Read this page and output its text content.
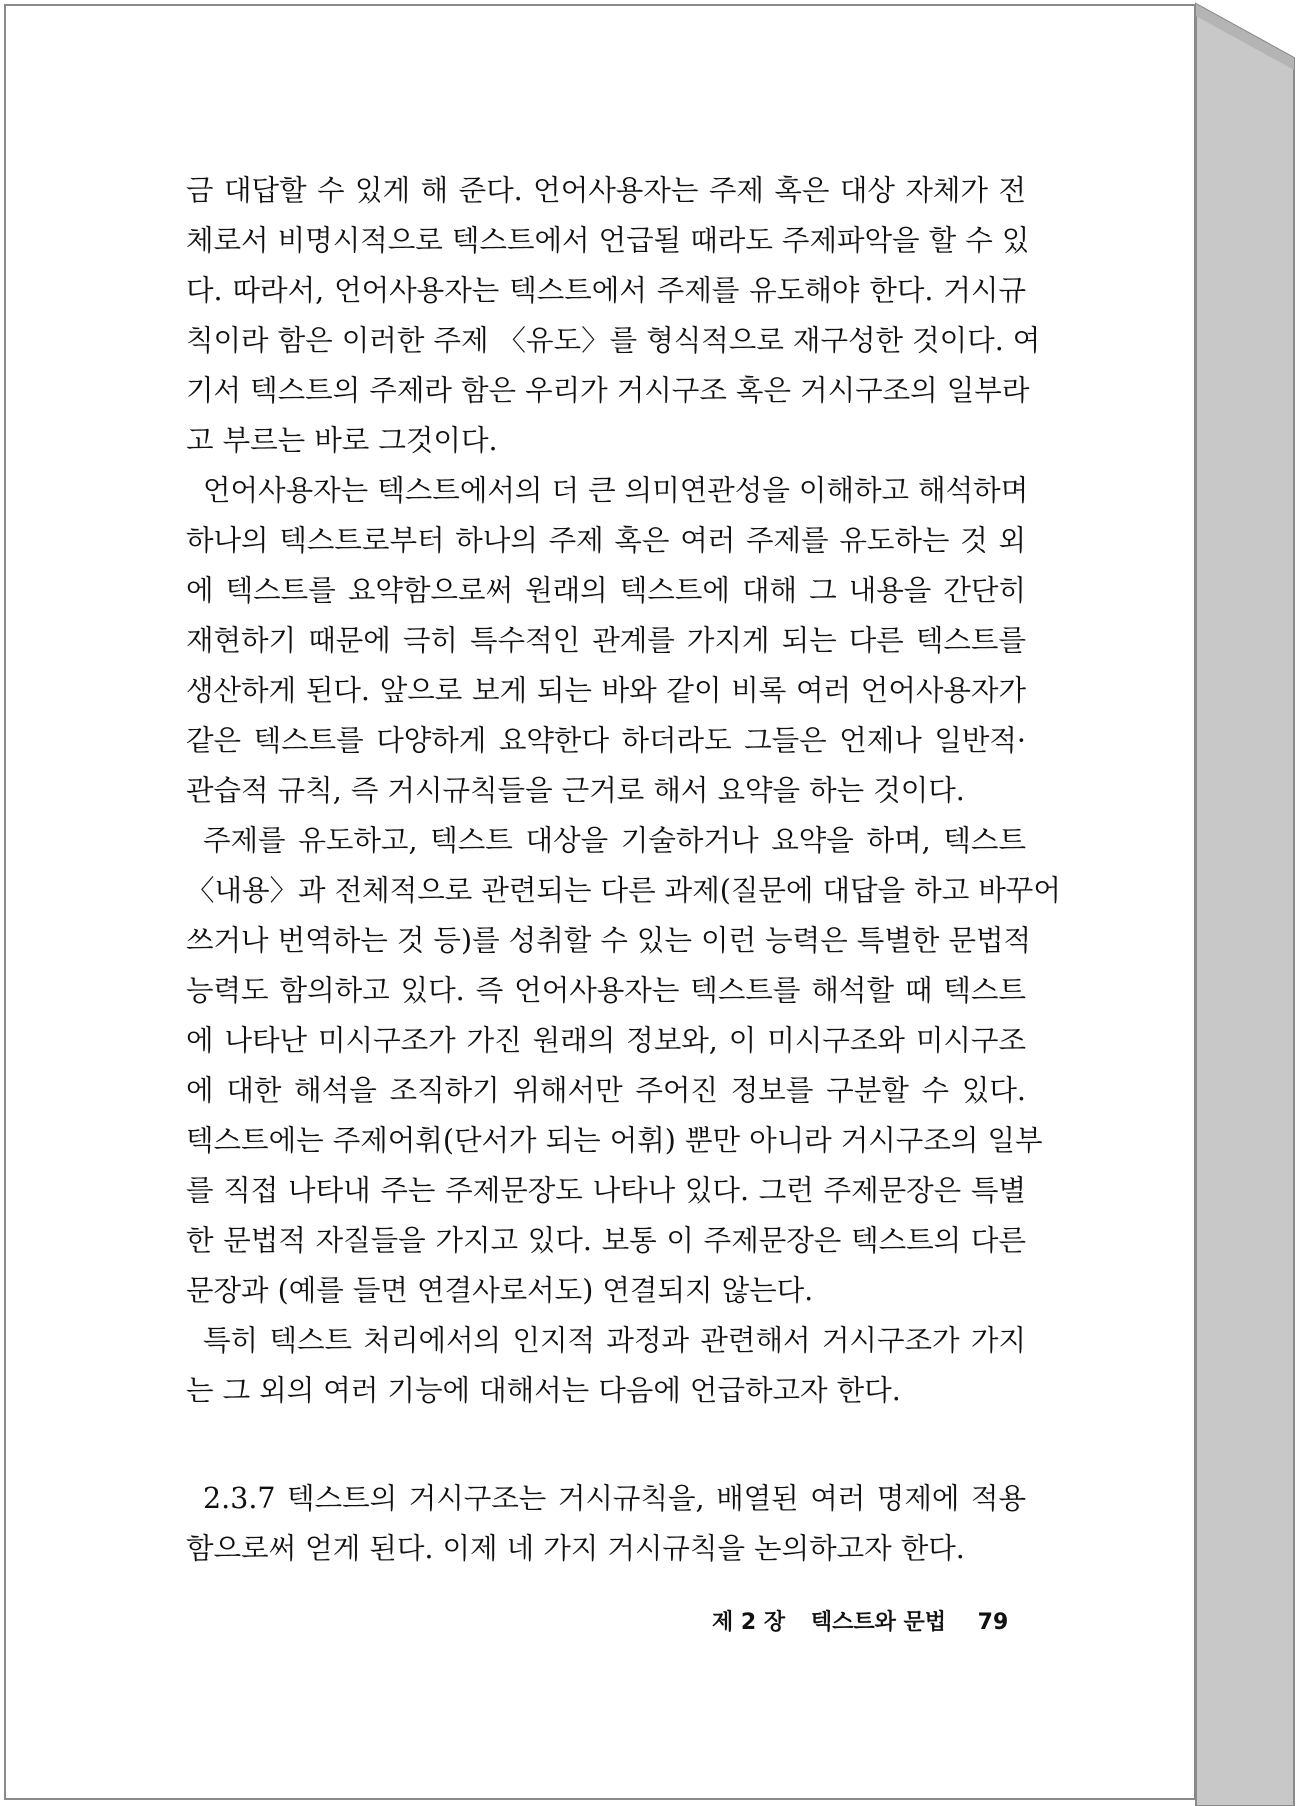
금 대답할 수 있게 해 준다. 언어사용자는 주제 혹은 대상 자체가 전
체로서 비명시적으로 텍스트에서 언급될 때라도 주제파악을 할 수 있
다. 따라서, 언어사용자는 텍스트에서 주제를 유도해야 한다. 거시규
칙이라 함은 이러한 주제 〈유도〉를 형식적으로 재구성한 것이다. 여
기서 텍스트의 주제라 함은 우리가 거시구조 혹은 거시구조의 일부라
고 부르는 바로 그것이다.
언어사용자는 텍스트에서의 더 큰 의미연관성을 이해하고 해석하며
하나의 텍스트로부터 하나의 주제 혹은 여러 주제를 유도하는 것 외
에 텍스트를 요약함으로써 원래의 텍스트에 대해 그 내용을 간단히
재현하기 때문에 극히 특수적인 관계를 가지게 되는 다른 텍스트를
생산하게 된다. 앞으로 보게 되는 바와 같이 비록 여러 언어사용자가
같은 텍스트를 다양하게 요약한다 하더라도 그들은 언제나 일반적·
관습적 규칙, 즉 거시규칙들을 근거로 해서 요약을 하는 것이다.
주제를 유도하고, 텍스트 대상을 기술하거나 요약을 하며, 텍스트
〈내용〉과 전체적으로 관련되는 다른 과제(질문에 대답을 하고 바꾸어
쓰거나 번역하는 것 등)를 성취할 수 있는 이런 능력은 특별한 문법적
능력도 함의하고 있다. 즉 언어사용자는 텍스트를 해석할 때 텍스트
에 나타난 미시구조가 가진 원래의 정보와, 이 미시구조와 미시구조
에 대한 해석을 조직하기 위해서만 주어진 정보를 구분할 수 있다.
텍스트에는 주제어휘(단서가 되는 어휘) 뿐만 아니라 거시구조의 일부
를 직접 나타내 주는 주제문장도 나타나 있다. 그런 주제문장은 특별
한 문법적 자질들을 가지고 있다. 보통 이 주제문장은 텍스트의 다른
문장과 (예를 들면 연결사로서도) 연결되지 않는다.
특히 텍스트 처리에서의 인지적 과정과 관련해서 거시구조가 가지
는 그 외의 여러 기능에 대해서는 다음에 언급하고자 한다.
2.3.7 텍스트의 거시구조는 거시규칙을, 배열된 여러 명제에 적용
함으로써 얻게 된다. 이제 네 가지 거시규칙을 논의하고자 한다.
제 2 장 텍스트와 문법 79
